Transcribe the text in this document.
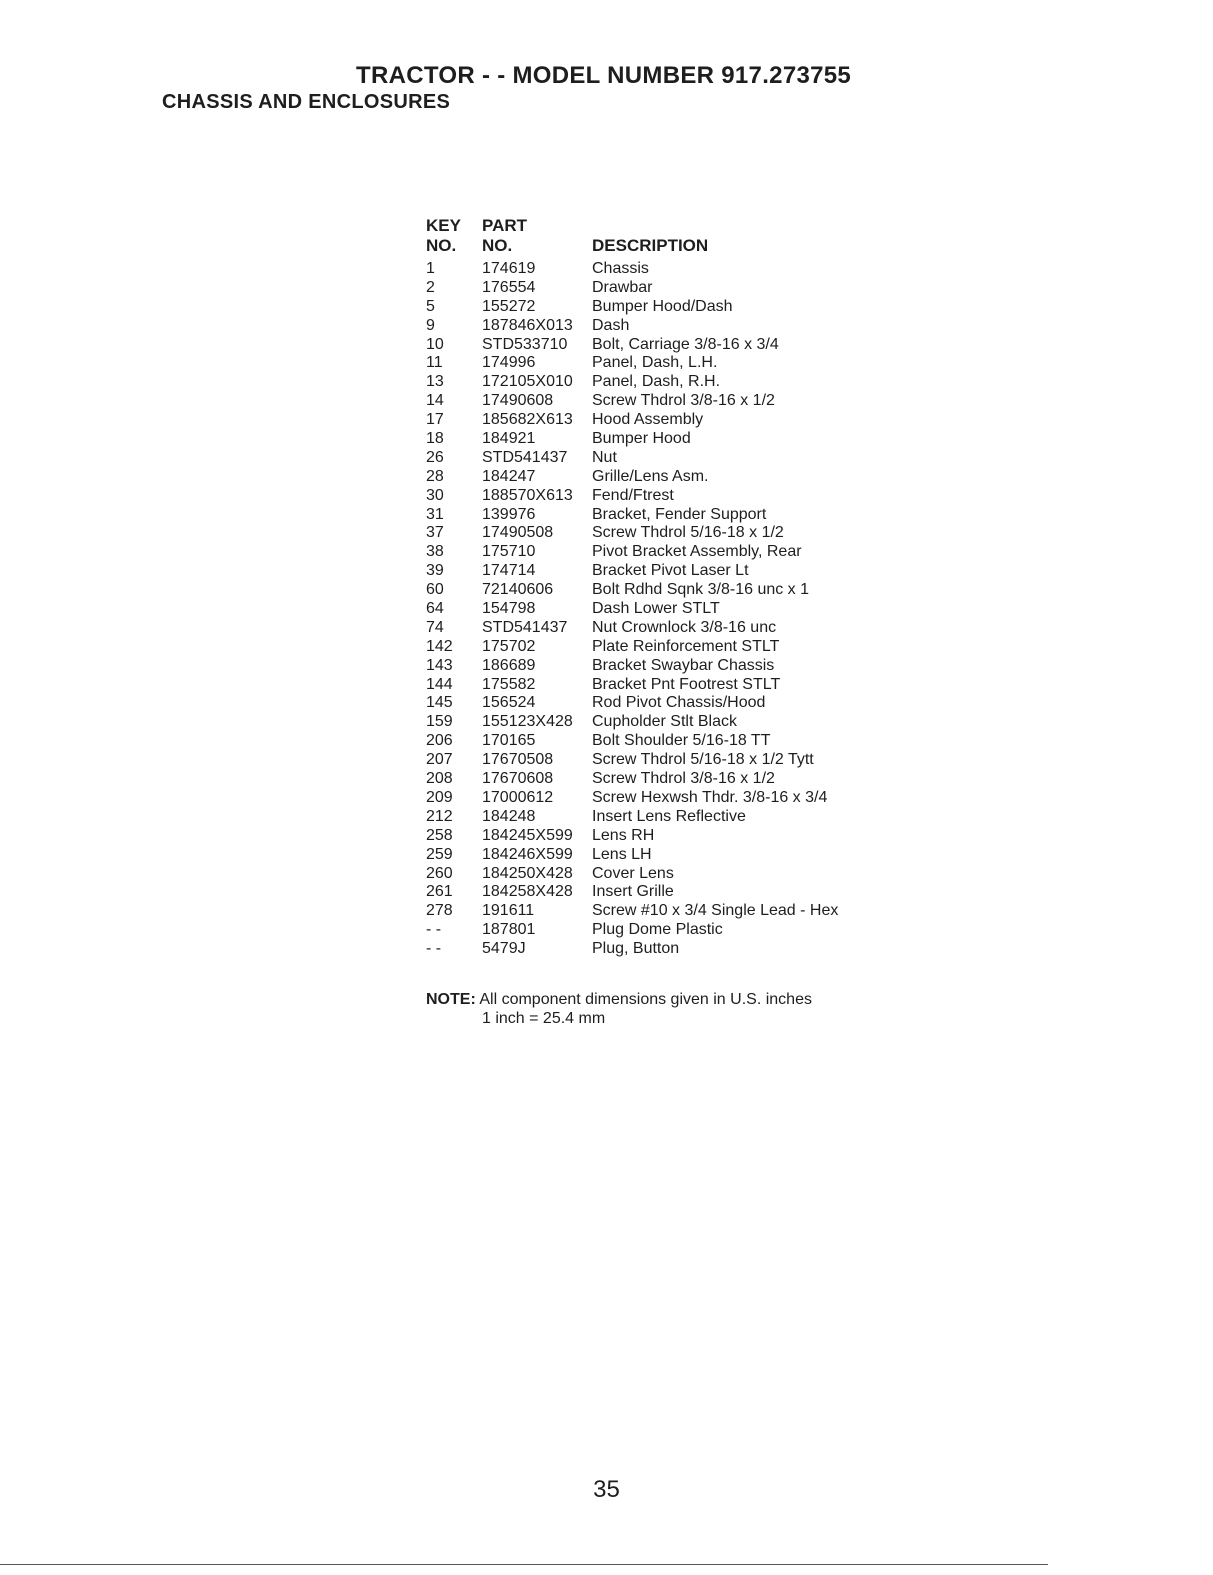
TRACTOR - - MODEL NUMBER 917.273755
CHASSIS AND ENCLOSURES
KEY	PART
NO.	NO.	DESCRIPTION
1	174619	Chassis
2	176554	Drawbar
5	155272	Bumper Hood/Dash
9	187846X013	Dash
10	STD533710	Bolt, Carriage 3/8-16 x 3/4
11	174996	Panel, Dash, L.H.
13	172105X010	Panel, Dash, R.H.
14	17490608	Screw Thdrol 3/8-16 x 1/2
17	185682X613	Hood Assembly
18	184921	Bumper Hood
26	STD541437	Nut
28	184247	Grille/Lens Asm.
30	188570X613	Fend/Ftrest
31	139976	Bracket, Fender Support
37	17490508	Screw Thdrol 5/16-18 x 1/2
38	175710	Pivot Bracket Assembly, Rear
39	174714	Bracket Pivot Laser Lt
60	72140606	Bolt Rdhd Sqnk 3/8-16 unc x 1
64	154798	Dash Lower STLT
74	STD541437	Nut Crownlock 3/8-16 unc
142	175702	Plate Reinforcement STLT
143	186689	Bracket Swaybar Chassis
144	175582	Bracket Pnt Footrest STLT
145	156524	Rod Pivot Chassis/Hood
159	155123X428	Cupholder Stlt Black
206	170165	Bolt Shoulder 5/16-18 TT
207	17670508	Screw Thdrol 5/16-18 x 1/2 Tytt
208	17670608	Screw Thdrol 3/8-16 x 1/2
209	17000612	Screw Hexwsh Thdr. 3/8-16 x 3/4
212	184248	Insert Lens Reflective
258	184245X599	Lens RH
259	184246X599	Lens LH
260	184250X428	Cover Lens
261	184258X428	Insert Grille
278	191611	Screw #10 x 3/4 Single Lead - Hex
- -	187801	Plug Dome Plastic
- -	5479J	Plug, Button
NOTE: All component dimensions given in U.S. inches
1 inch = 25.4 mm
35
